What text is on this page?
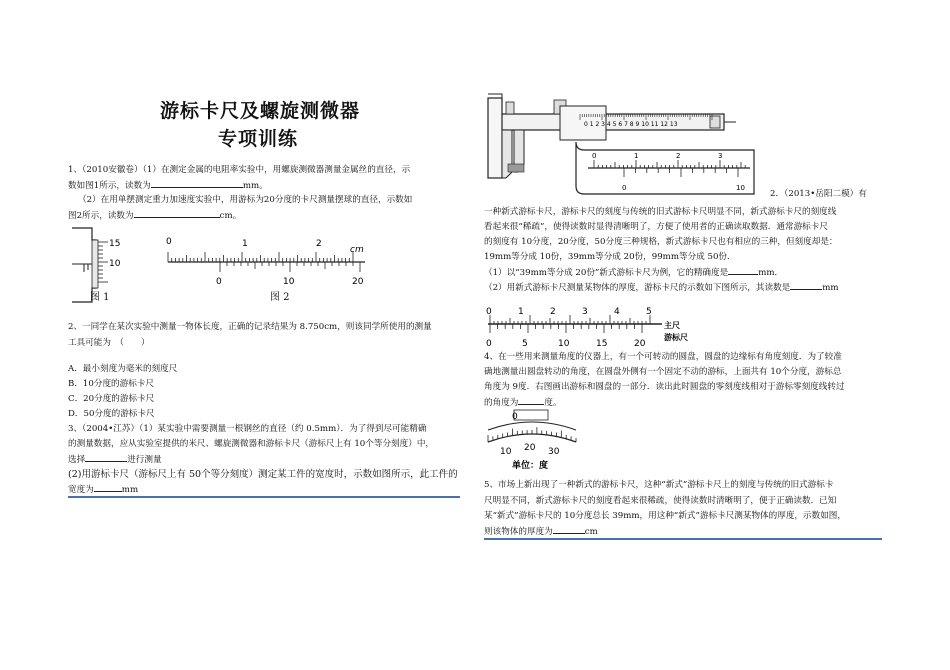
游标卡尺及螺旋测微器
专项训练
1、（2010安徽卷）（1）在测定金属的电阻率实验中，用螺旋测微器测量金属丝的直径，示
数如图1所示，读数为	mm。
（2）在用单摆测定重力加速度实验中，用游标为20分度的卡尺测量摆球的直径，示数如
图2所示，读数为	cm。
15
10
图 1
0	1	2
cm
0	10	20
图 2
2、一同学在某次实验中测量一物体长度，正确的记录结果为 8.750cm，则该同学所使用的测量
工具可能为　（　　）
A．最小刻度为毫米的刻度尺
B．10分度的游标卡尺
C．20分度的游标卡尺
D．50分度的游标卡尺
3、（2004•江苏）（1）某实验中需要测量一根钢丝的直径（约 0.5mm）．为了得到尽可能精确
的测量数据，应从实验室提供的米尺、螺旋测微器和游标卡尺（游标尺上有 10个等分刻度）中，
选择	进行测量
(2)用游标卡尺（游标尺上有 50个等分刻度）测定某工件的宽度时，示数如图所示，此工件的
宽度为	mm
0 1 2 3 4 5 6 7 8 9 10 11 12 13
0	1	2	3
0	10
2．（2013•岳阳二模）有
一种新式游标卡尺，游标卡尺的刻度与传统的旧式游标卡尺明显不同，新式游标卡尺的刻度线
看起来很“稀疏”，使得读数时显得清晰明了，方便了使用者的正确读取数据．通常游标卡尺
的刻度有 10分度，20分度，50分度三种规格，新式游标卡尺也有相应的三种，但刻度却是：
19mm等分成 10份，39mm等分成 20份，99mm等分成 50份．
（1）以“39mm等分成 20份”新式游标卡尺为例，它的精确度是	mm．
（2）用新式游标卡尺测量某物体的厚度，游标卡尺的示数如下图所示，其读数是	mm
0	1	2	3	4	5
0	5	10	15	20
主尺
游标尺
4、在一些用来测量角度的仪器上，有一个可转动的圆盘，圆盘的边缘标有角度刻度．为了较准
确地测量出圆盘转动的角度，在圆盘外侧有一个固定不动的游标，上面共有 10个分度，游标总
角度为 9度．右图画出游标和圆盘的一部分．读出此时圆盘的零刻度线相对于游标零刻度线转过
的角度为	度。
0
10 20 30
单位：度
5、市场上新出现了一种新式的游标卡尺，这种“新式”游标卡尺上的刻度与传统的旧式游标卡
尺明显不同，新式游标卡尺的刻度看起来很稀疏，使得读数时清晰明了，便于正确读数．已知
某“新式”游标卡尺的 10分度总长 39mm，用这种“新式”游标卡尺测某物体的厚度，示数如图，
则该物体的厚度为	cm
